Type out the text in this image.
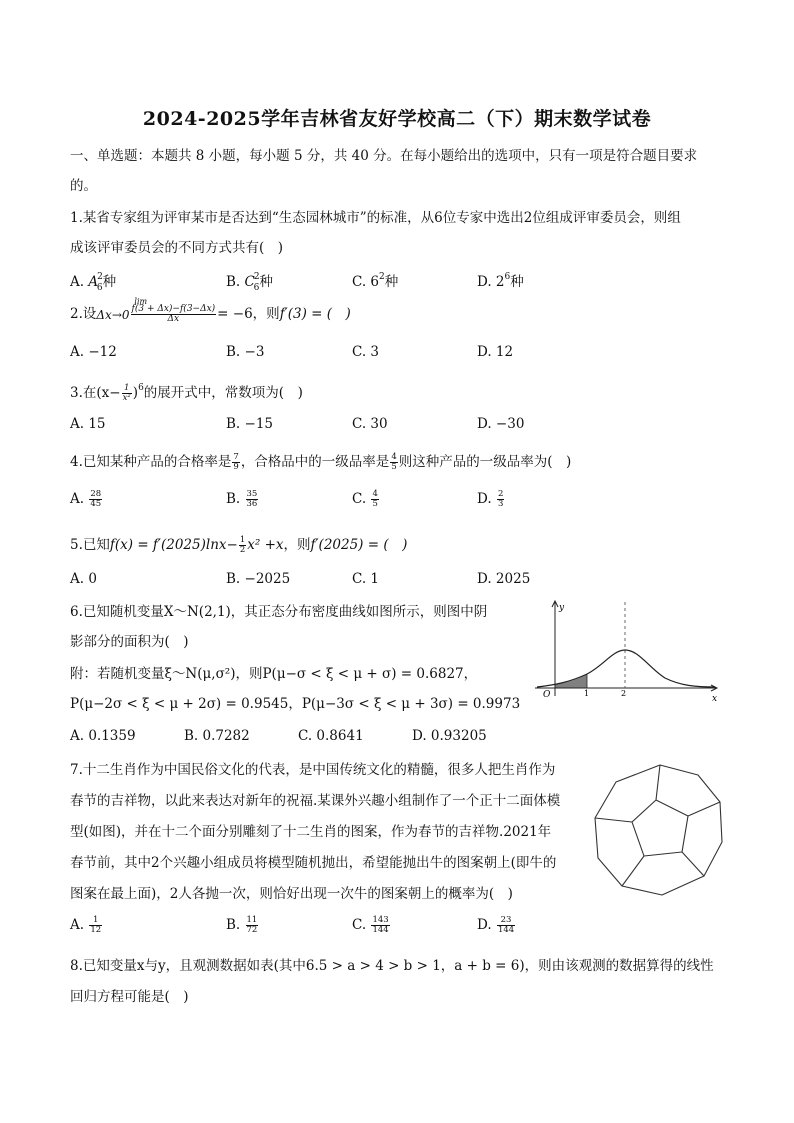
2024-2025学年吉林省友好学校高二（下）期末数学试卷
一、单选题：本题共 8 小题，每小题 5 分，共 40 分。在每小题给出的选项中，只有一项是符合题目要求
的。
1.某省专家组为评审某市是否达到“生态园林城市”的标准，从6位专家中选出2位组成评审委员会，则组
成该评审委员会的不同方式共有(　)
A. $A^2_6$种	B. $C^2_6$种	C. $6^2$种	D. $2^6$种
2.设Δx→0
lim
$\frac{f(3 + \Delta x)-f(3-\Delta x)}{\Delta x} = -6$，则f′(3) = (　)
A. −12	B. −3	C. 3	D. 12
3.在$(x- \frac{1}{\text{x²}} )^6$的展开式中，常数项为(　)
A. 15	B. −15	C. 30	D. −30
4.已知某种产品的合格率是 $\frac{7}{9}$ ，合格品中的一级品率是 $\frac{4}{5}$ 则这种产品的一级品率为(　)
A. $\frac{28}{45}$	B. $\frac{35}{36}$	C. $\frac{4}{5}$	D. $\frac{2}{3}$
5.已知$f(x) = f'(2025)\ln x- \frac{1}{2} x^2 +x$，则f′(2025) = (　)
A. 0	B. −2025	C. 1	D. 2025
6.已知随机变量X～N(2,1)，其正态分布密度曲线如图所示，则图中阴
影部分的面积为(　)
附：若随机变量ξ～N(μ,σ²)，则P(μ−σ < ξ < μ + σ) = 0.6827，
P(μ−2σ < ξ < μ + 2σ) = 0.9545，P(μ−3σ < ξ < μ + 3σ) = 0.9973
A. 0.1359	B. 0.7282	C. 0.8641	D. 0.93205
y
x
O	1	2
7.十二生肖作为中国民俗文化的代表，是中国传统文化的精髓，很多人把生肖作为
春节的吉祥物，以此来表达对新年的祝福.某课外兴趣小组制作了一个正十二面体模
型(如图)，并在十二个面分别雕刻了十二生肖的图案，作为春节的吉祥物.2021年
春节前，其中2个兴趣小组成员将模型随机抛出，希望能抛出牛的图案朝上(即牛的
图案在最上面)，2人各抛一次，则恰好出现一次牛的图案朝上的概率为(　)
A. $\frac{1}{12}$	B. $\frac{11}{72}$	C. $\frac{143}{144}$	D. $\frac{23}{144}$
8.已知变量x与y，且观测数据如表(其中6.5 > a > 4 > b > 1，a + b = 6)，则由该观测的数据算得的线性
回归方程可能是(　)
